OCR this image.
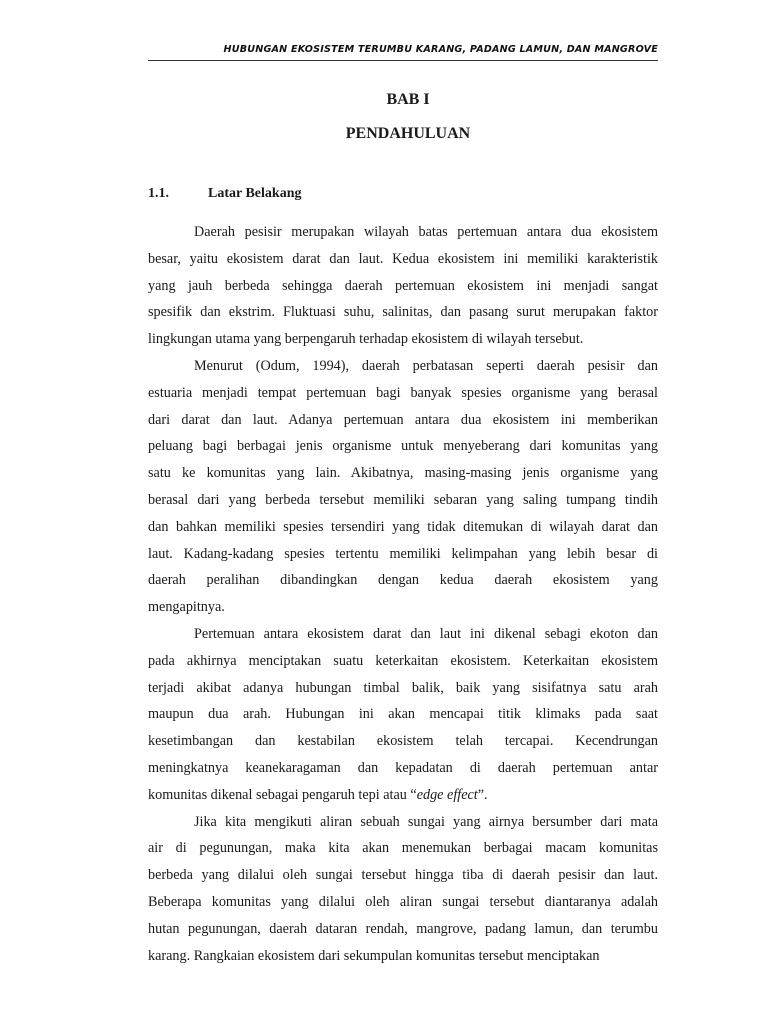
HUBUNGAN EKOSISTEM TERUMBU KARANG, PADANG LAMUN, DAN MANGROVE
BAB I
PENDAHULUAN
1.1.	Latar Belakang
Daerah pesisir merupakan wilayah batas pertemuan antara dua ekosistem
besar, yaitu ekosistem darat dan laut. Kedua ekosistem ini memiliki karakteristik
yang jauh berbeda sehingga daerah pertemuan ekosistem ini menjadi sangat
spesifik dan ekstrim. Fluktuasi suhu, salinitas, dan pasang surut merupakan faktor
lingkungan utama yang berpengaruh terhadap ekosistem di wilayah tersebut.
Menurut (Odum, 1994), daerah perbatasan seperti daerah pesisir dan
estuaria menjadi tempat pertemuan bagi banyak spesies organisme yang berasal
dari darat dan laut. Adanya pertemuan antara dua ekosistem ini memberikan
peluang bagi berbagai jenis organisme untuk menyeberang dari komunitas yang
satu ke komunitas yang lain. Akibatnya, masing-masing jenis organisme yang
berasal dari yang berbeda tersebut memiliki sebaran yang saling tumpang tindih
dan bahkan memiliki spesies tersendiri yang tidak ditemukan di wilayah darat dan
laut. Kadang-kadang spesies tertentu memiliki kelimpahan yang lebih besar di
daerah peralihan dibandingkan dengan kedua daerah ekosistem yang
mengapitnya.
Pertemuan antara ekosistem darat dan laut ini dikenal sebagi ekoton dan
pada akhirnya menciptakan suatu keterkaitan ekosistem. Keterkaitan ekosistem
terjadi akibat adanya hubungan timbal balik, baik yang sisifatnya satu arah
maupun dua arah. Hubungan ini akan mencapai titik klimaks pada saat
kesetimbangan dan kestabilan ekosistem telah tercapai. Kecendrungan
meningkatnya keanekaragaman dan kepadatan di daerah pertemuan antar
komunitas dikenal sebagai pengaruh tepi atau “edge effect”.
Jika kita mengikuti aliran sebuah sungai yang airnya bersumber dari mata
air di pegunungan, maka kita akan menemukan berbagai macam komunitas
berbeda yang dilalui oleh sungai tersebut hingga tiba di daerah pesisir dan laut.
Beberapa komunitas yang dilalui oleh aliran sungai tersebut diantaranya adalah
hutan pegunungan, daerah dataran rendah, mangrove, padang lamun, dan terumbu
karang. Rangkaian ekosistem dari sekumpulan komunitas tersebut menciptakan
